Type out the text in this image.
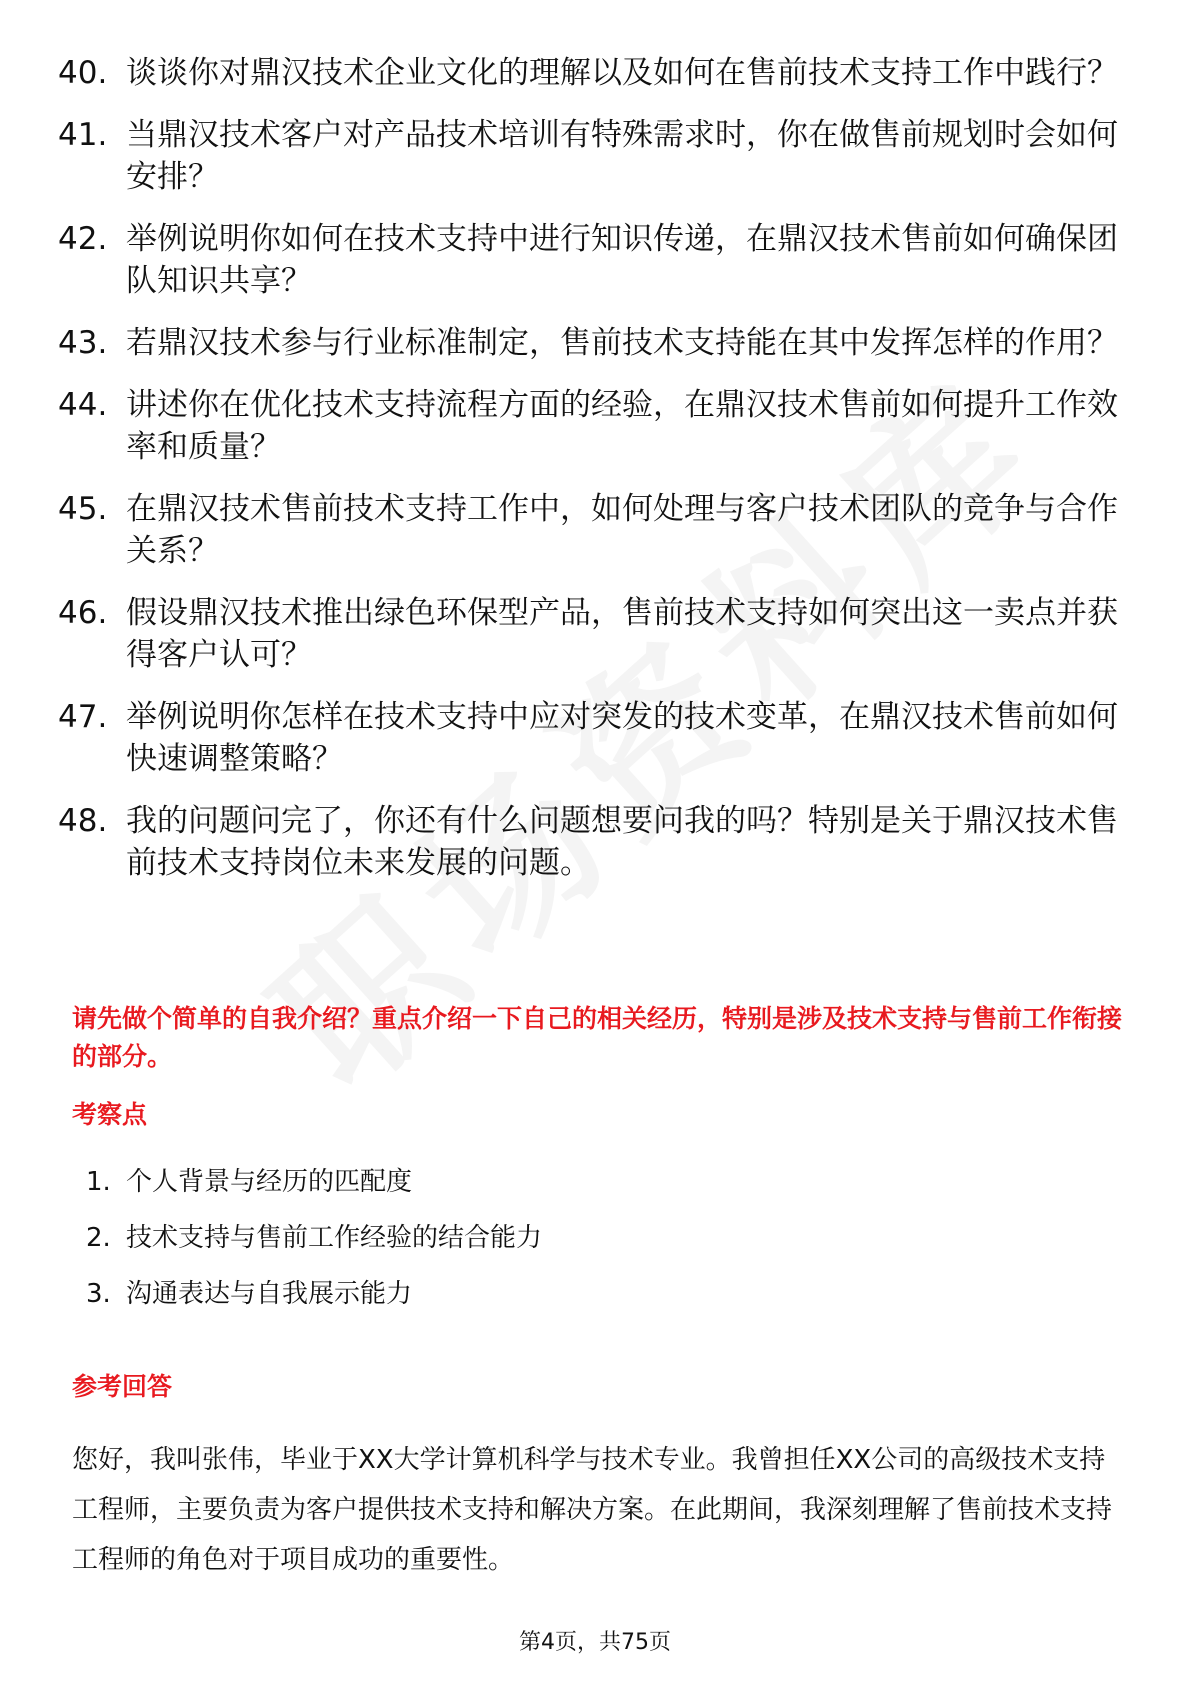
40. 谈谈你对鼎汉技术企业文化的理解以及如何在售前技术支持工作中践行？
41. 当鼎汉技术客户对产品技术培训有特殊需求时，你在做售前规划时会如何安排？
42. 举例说明你如何在技术支持中进行知识传递，在鼎汉技术售前如何确保团队知识共享？
43. 若鼎汉技术参与行业标准制定，售前技术支持能在其中发挥怎样的作用？
44. 讲述你在优化技术支持流程方面的经验，在鼎汉技术售前如何提升工作效率和质量？
45. 在鼎汉技术售前技术支持工作中，如何处理与客户技术团队的竞争与合作关系？
46. 假设鼎汉技术推出绿色环保型产品，售前技术支持如何突出这一卖点并获得客户认可？
47. 举例说明你怎样在技术支持中应对突发的技术变革，在鼎汉技术售前如何快速调整策略？
48. 我的问题问完了，你还有什么问题想要问我的吗？特别是关于鼎汉技术售前技术支持岗位未来发展的问题。

请先做个简单的自我介绍？重点介绍一下自己的相关经历，特别是涉及技术支持与售前工作衔接的部分。

考察点
1. 个人背景与经历的匹配度
2. 技术支持与售前工作经验的结合能力
3. 沟通表达与自我展示能力
参考回答

您好，我叫张伟，毕业于XX大学计算机科学与技术专业。我曾担任XX公司的高级技术支持工程师，主要负责为客户提供技术支持和解决方案。在此期间，我深刻理解了售前技术支持工程师的角色对于项目成功的重要性。

第4页，共75页
